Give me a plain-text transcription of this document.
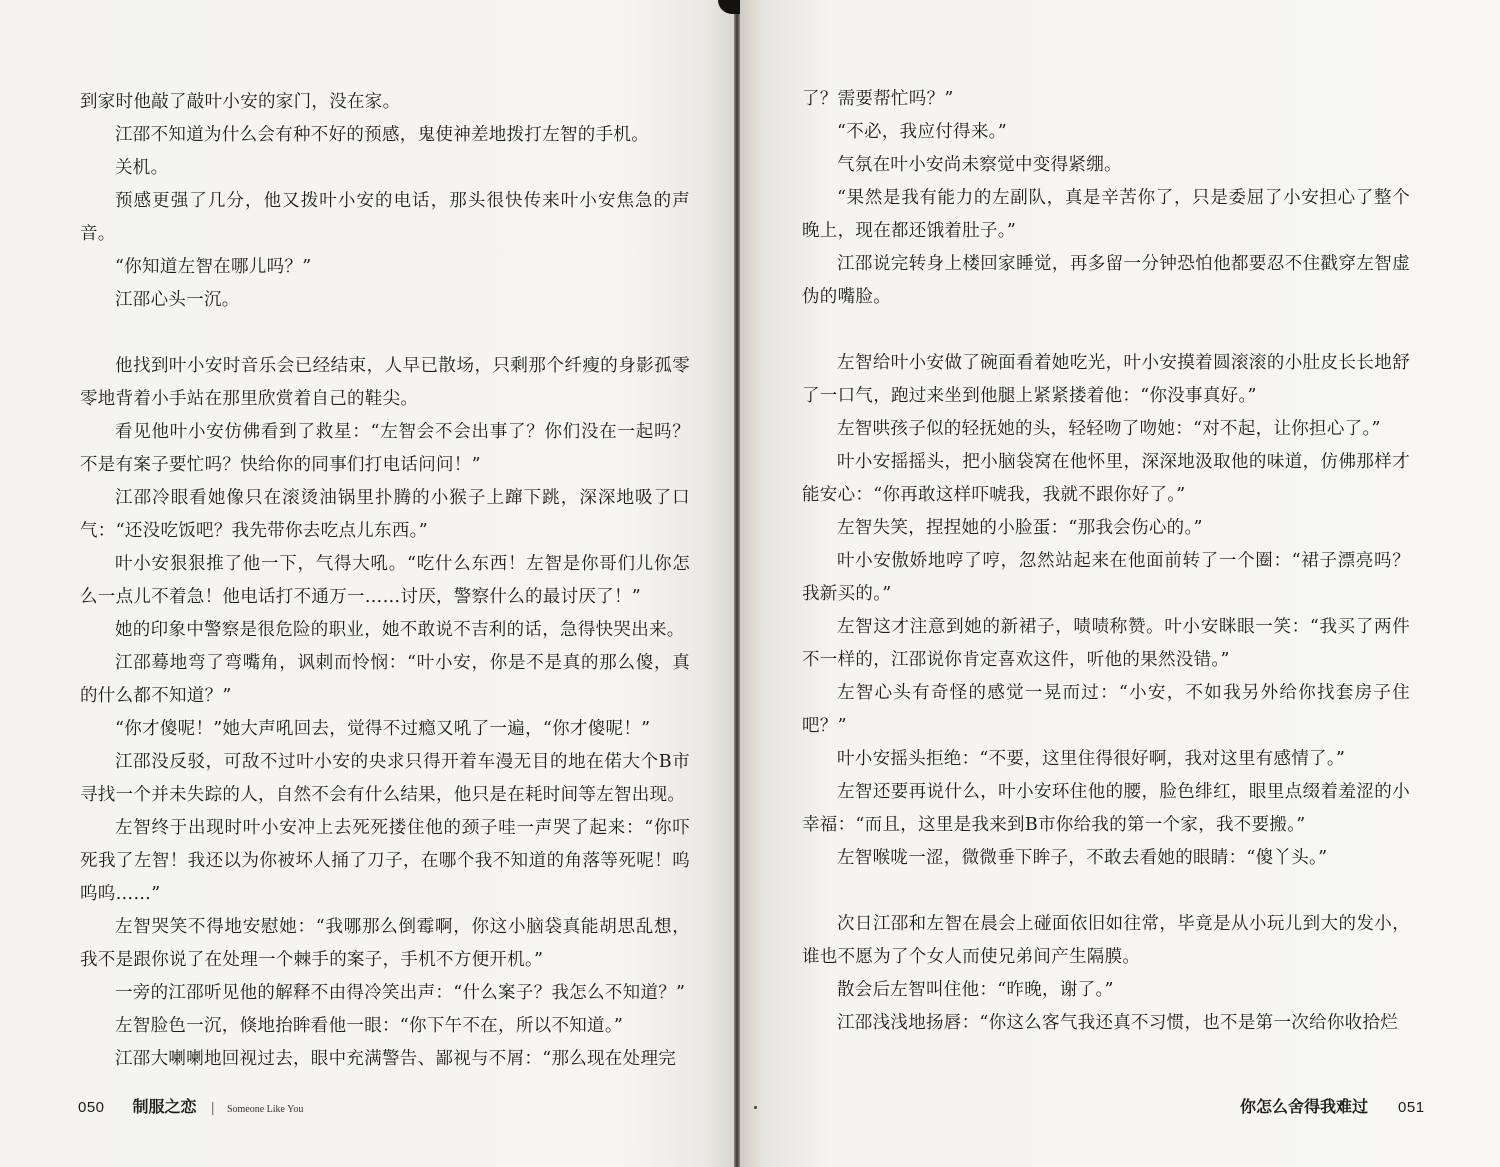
到家时他敲了敲叶小安的家门，没在家。

江邵不知道为什么会有种不好的预感，鬼使神差地拨打左智的手机。

关机。

预感更强了几分，他又拨叶小安的电话，那头很快传来叶小安焦急的声音。

“你知道左智在哪儿吗？”

江邵心头一沉。

他找到叶小安时音乐会已经结束，人早已散场，只剩那个纤瘦的身影孤零零地背着小手站在那里欣赏着自己的鞋尖。

看见他叶小安仿佛看到了救星：“左智会不会出事了？你们没在一起吗？不是有案子要忙吗？快给你的同事们打电话问问！”

江邵冷眼看她像只在滚烫油锅里扑腾的小猴子上蹿下跳，深深地吸了口气：“还没吃饭吧？我先带你去吃点儿东西。”

叶小安狠狠推了他一下，气得大吼。“吃什么东西！左智是你哥们儿你怎么一点儿不着急！他电话打不通万一……讨厌，警察什么的最讨厌了！”

她的印象中警察是很危险的职业，她不敢说不吉利的话，急得快哭出来。

江邵蓦地弯了弯嘴角，讽刺而怜悯：“叶小安，你是不是真的那么傻，真的什么都不知道？”

“你才傻呢！”她大声吼回去，觉得不过瘾又吼了一遍，“你才傻呢！”

江邵没反驳，可敌不过叶小安的央求只得开着车漫无目的地在偌大个B市寻找一个并未失踪的人，自然不会有什么结果，他只是在耗时间等左智出现。

左智终于出现时叶小安冲上去死死搂住他的颈子哇一声哭了起来：“你吓死我了左智！我还以为你被坏人捅了刀子，在哪个我不知道的角落等死呢！呜呜呜……”

左智哭笑不得地安慰她：“我哪那么倒霉啊，你这小脑袋真能胡思乱想，我不是跟你说了在处理一个棘手的案子，手机不方便开机。”

一旁的江邵听见他的解释不由得冷笑出声：“什么案子？我怎么不知道？”

左智脸色一沉，倏地抬眸看他一眼：“你下午不在，所以不知道。”

江邵大喇喇地回视过去，眼中充满警告、鄙视与不屑：“那么现在处理完

050 制服之恋 | Someone Like You

了？需要帮忙吗？”

“不必，我应付得来。”

气氛在叶小安尚未察觉中变得紧绷。

“果然是我有能力的左副队，真是辛苦你了，只是委屈了小安担心了整个晚上，现在都还饿着肚子。”

江邵说完转身上楼回家睡觉，再多留一分钟恐怕他都要忍不住戳穿左智虚伪的嘴脸。

左智给叶小安做了碗面看着她吃光，叶小安摸着圆滚滚的小肚皮长长地舒了一口气，跑过来坐到他腿上紧紧搂着他：“你没事真好。”

左智哄孩子似的轻抚她的头，轻轻吻了吻她：“对不起，让你担心了。”

叶小安摇摇头，把小脑袋窝在他怀里，深深地汲取他的味道，仿佛那样才能安心：“你再敢这样吓唬我，我就不跟你好了。”

左智失笑，捏捏她的小脸蛋：“那我会伤心的。”

叶小安傲娇地哼了哼，忽然站起来在他面前转了一个圈：“裙子漂亮吗？我新买的。”

左智这才注意到她的新裙子，啧啧称赞。叶小安眯眼一笑：“我买了两件不一样的，江邵说你肯定喜欢这件，听他的果然没错。”

左智心头有奇怪的感觉一晃而过：“小安，不如我另外给你找套房子住吧？”

叶小安摇头拒绝：“不要，这里住得很好啊，我对这里有感情了。”

左智还要再说什么，叶小安环住他的腰，脸色绯红，眼里点缀着羞涩的小幸福：“而且，这里是我来到B市你给我的第一个家，我不要搬。”

左智喉咙一涩，微微垂下眸子，不敢去看她的眼睛：“傻丫头。”

次日江邵和左智在晨会上碰面依旧如往常，毕竟是从小玩儿到大的发小，谁也不愿为了个女人而使兄弟间产生隔膜。

散会后左智叫住他：“昨晚，谢了。”

江邵浅浅地扬唇：“你这么客气我还真不习惯，也不是第一次给你收拾烂

你怎么舍得我难过 051
